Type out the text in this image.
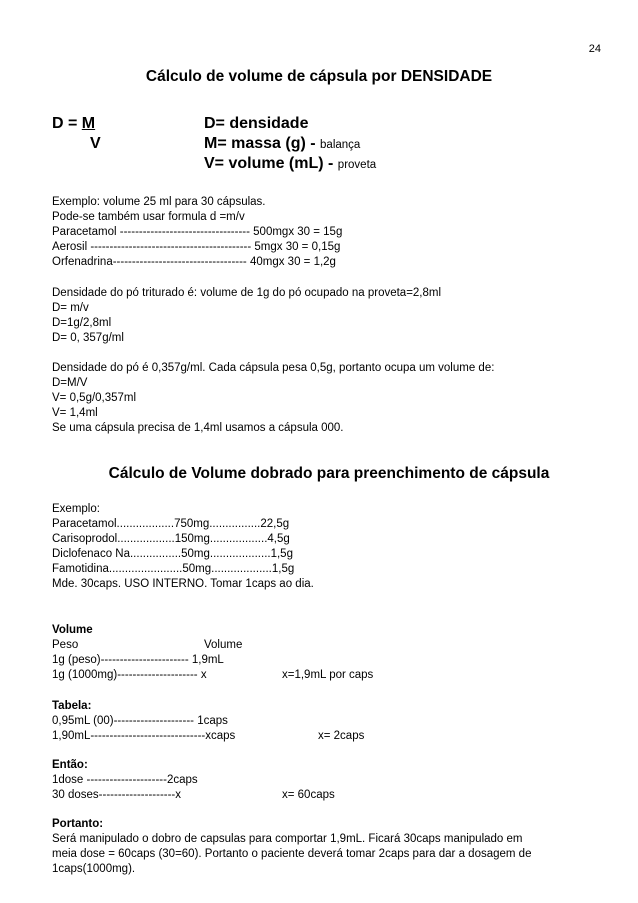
24
Cálculo de volume de cápsula por DENSIDADE
D = M	D= densidade
V	M= massa (g) - balança
V= volume (mL) - proveta
Exemplo: volume 25 ml para 30 cápsulas.
Pode-se também usar formula d =m/v
Paracetamol ---------------------------------- 500mgx 30 = 15g
Aerosil ------------------------------------------ 5mgx 30 = 0,15g
Orfenadrina----------------------------------- 40mgx 30 = 1,2g
Densidade do pó triturado é: volume de 1g do pó ocupado na proveta=2,8ml
D= m/v
D=1g/2,8ml
D= 0, 357g/ml
Densidade do pó é 0,357g/ml. Cada cápsula pesa 0,5g, portanto ocupa um volume de:
D=M/V
V= 0,5g/0,357ml
V= 1,4ml
Se uma cápsula precisa de 1,4ml usamos a cápsula 000.
Cálculo de Volume dobrado para preenchimento de cápsula
Exemplo:
Paracetamol..................750mg................22,5g
Carisoprodol..................150mg..................4,5g
Diclofenaco Na................50mg...................1,5g
Famotidina.......................50mg...................1,5g
Mde. 30caps. USO INTERNO. Tomar 1caps ao dia.
Volume
Peso	Volume
1g (peso)----------------------- 1,9mL
1g (1000mg)--------------------- x	x=1,9mL por caps
Tabela:
0,95mL (00)--------------------- 1caps
1,90mL------------------------------xcaps	x= 2caps
Então:
1dose ---------------------2caps
30 doses--------------------x	x= 60caps
Portanto:
Será manipulado o dobro de capsulas para comportar 1,9mL. Ficará 30caps manipulado em
meia dose = 60caps (30=60). Portanto o paciente deverá tomar 2caps para dar a dosagem de
1caps(1000mg).
